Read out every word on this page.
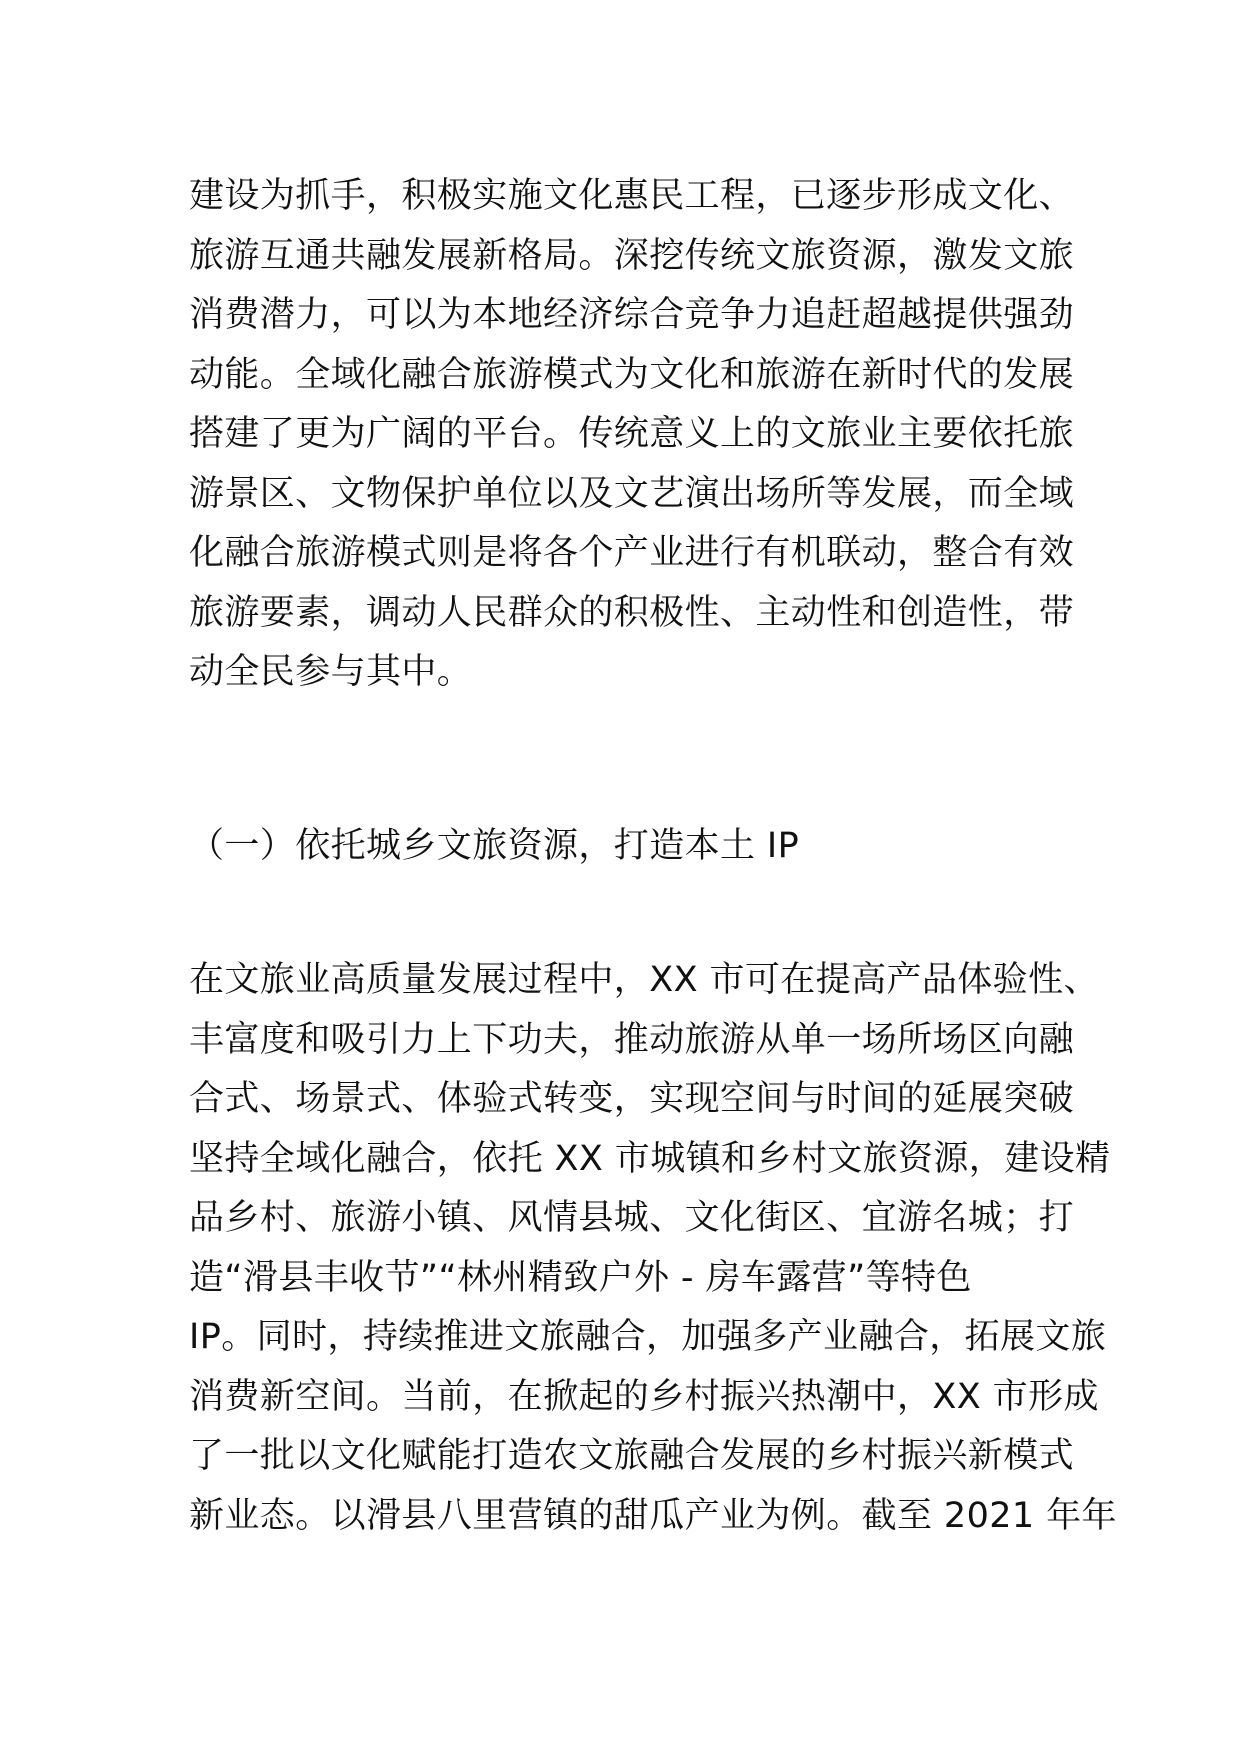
建设为抓手，积极实施文化惠民工程，已逐步形成文化、
旅游互通共融发展新格局。深挖传统文旅资源，激发文旅
消费潜力，可以为本地经济综合竞争力追赶超越提供强劲
动能。全域化融合旅游模式为文化和旅游在新时代的发展
搭建了更为广阔的平台。传统意义上的文旅业主要依托旅
游景区、文物保护单位以及文艺演出场所等发展，而全域
化融合旅游模式则是将各个产业进行有机联动，整合有效
旅游要素，调动人民群众的积极性、主动性和创造性，带
动全民参与其中。
（一）依托城乡文旅资源，打造本土 IP
在文旅业高质量发展过程中，XX 市可在提高产品体验性、
丰富度和吸引力上下功夫，推动旅游从单一场所场区向融
合式、场景式、体验式转变，实现空间与时间的延展突破
坚持全域化融合，依托 XX 市城镇和乡村文旅资源，建设精
品乡村、旅游小镇、风情县城、文化街区、宜游名城；打
造“滑县丰收节”“林州精致户外 - 房车露营”等特色
IP。同时，持续推进文旅融合，加强多产业融合，拓展文旅
消费新空间。当前，在掀起的乡村振兴热潮中，XX 市形成
了一批以文化赋能打造农文旅融合发展的乡村振兴新模式
新业态。以滑县八里营镇的甜瓜产业为例。截至 2021 年年
